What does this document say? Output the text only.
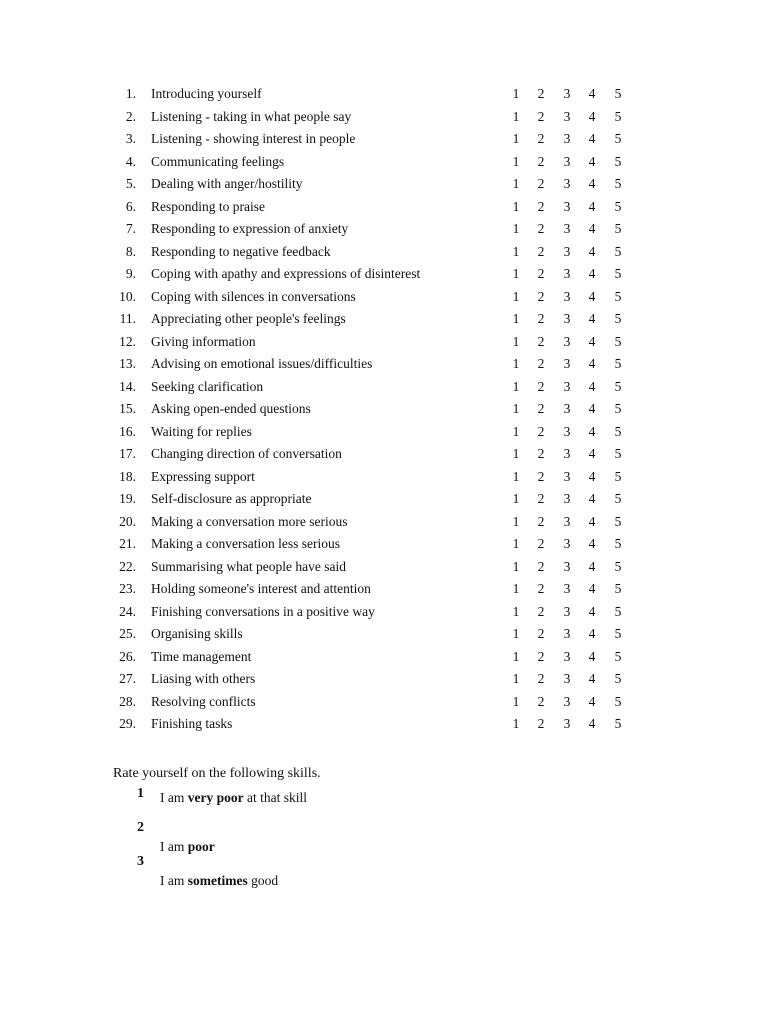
1. Introducing yourself	1 2 3 4 5
2. Listening - taking in what people say	1 2 3 4 5
3. Listening - showing interest in people	1 2 3 4 5
4. Communicating feelings	1 2 3 4 5
5. Dealing with anger/hostility	1 2 3 4 5
6. Responding to praise	1 2 3 4 5
7. Responding to expression of anxiety	1 2 3 4 5
8. Responding to negative feedback	1 2 3 4 5
9. Coping with apathy and expressions of disinterest	1 2 3 4 5
10. Coping with silences in conversations	1 2 3 4 5
11. Appreciating other people's feelings	1 2 3 4 5
12. Giving information	1 2 3 4 5
13. Advising on emotional issues/difficulties	1 2 3 4 5
14. Seeking clarification	1 2 3 4 5
15. Asking open-ended questions	1 2 3 4 5
16. Waiting for replies	1 2 3 4 5
17. Changing direction of conversation	1 2 3 4 5
18. Expressing support	1 2 3 4 5
19. Self-disclosure as appropriate	1 2 3 4 5
20. Making a conversation more serious	1 2 3 4 5
21. Making a conversation less serious	1 2 3 4 5
22. Summarising what people have said	1 2 3 4 5
23. Holding someone's interest and attention	1 2 3 4 5
24. Finishing conversations in a positive way	1 2 3 4 5
25. Organising skills	1 2 3 4 5
26. Time management	1 2 3 4 5
27. Liasing with others	1 2 3 4 5
28. Resolving conflicts	1 2 3 4 5
29. Finishing tasks	1 2 3 4 5
Rate yourself on the following skills.
1 I am very poor at that skill
2
I am poor
3
I am sometimes good
